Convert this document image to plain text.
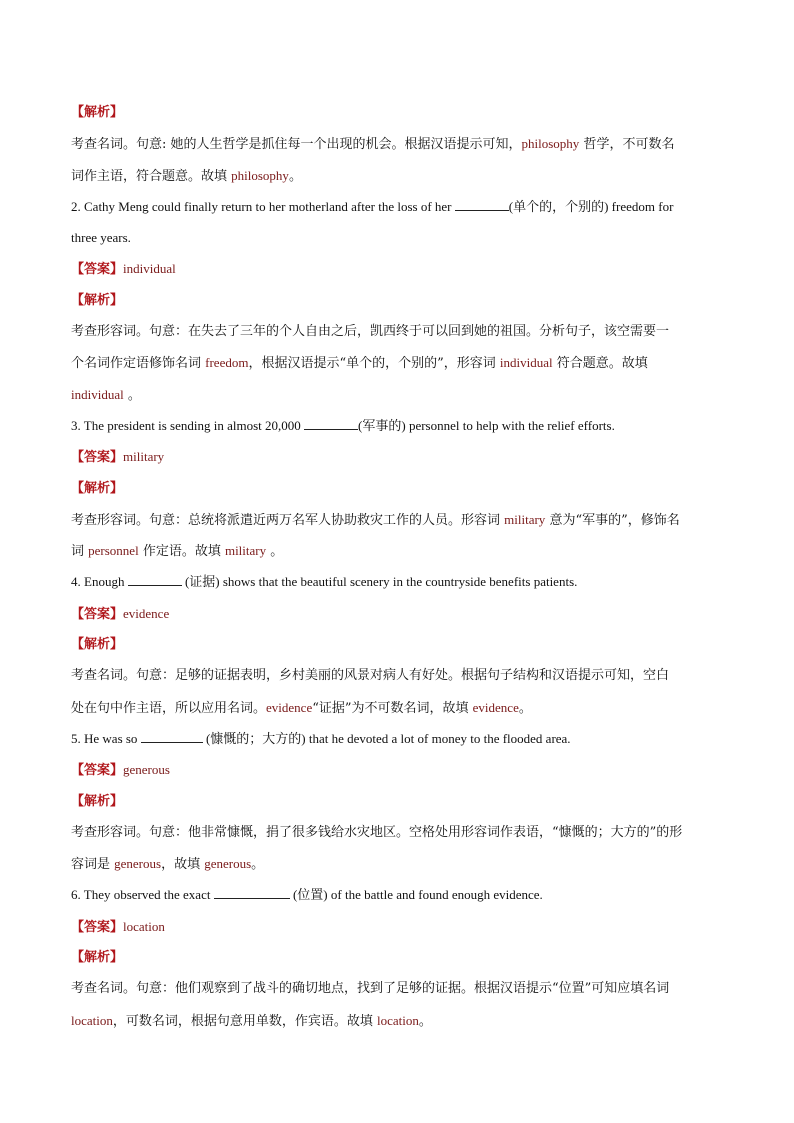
【解析】
考查名词。句意: 她的人生哲学是抓住每一个出现的机会。根据汉语提示可知，philosophy 哲学，不可数名
词作主语，符合题意。故填 philosophy。
2. Cathy Meng could finally return to her motherland after the loss of her	(单个的，个别的) freedom for
three years.
【答案】individual
【解析】
考查形容词。句意：在失去了三年的个人自由之后，凯西终于可以回到她的祖国。分析句子，该空需要一
个名词作定语修饰名词 freedom，根据汉语提示“单个的，个别的”，形容词 individual 符合题意。故填
individual 。
3. The president is sending in almost 20,000	(军事的) personnel to help with the relief efforts.
【答案】military
【解析】
考查形容词。句意：总统将派遣近两万名军人协助救灾工作的人员。形容词 military 意为“军事的”，修饰名
词 personnel 作定语。故填 military 。
4. Enough	(证据) shows that the beautiful scenery in the countryside benefits patients.
【答案】evidence
【解析】
考查名词。句意：足够的证据表明，乡村美丽的风景对病人有好处。根据句子结构和汉语提示可知，空白
处在句中作主语，所以应用名词。evidence“证据”为不可数名词，故填 evidence。
5. He was so	(慷慨的；大方的) that he devoted a lot of money to the flooded area.
【答案】generous
【解析】
考查形容词。句意：他非常慷慨，捐了很多钱给水灾地区。空格处用形容词作表语，“慷慨的；大方的”的形
容词是 generous，故填 generous。
6. They observed the exact	(位置) of the battle and found enough evidence.
【答案】location
【解析】
考查名词。句意：他们观察到了战斗的确切地点，找到了足够的证据。根据汉语提示“位置”可知应填名词
location，可数名词，根据句意用单数，作宾语。故填 location。
